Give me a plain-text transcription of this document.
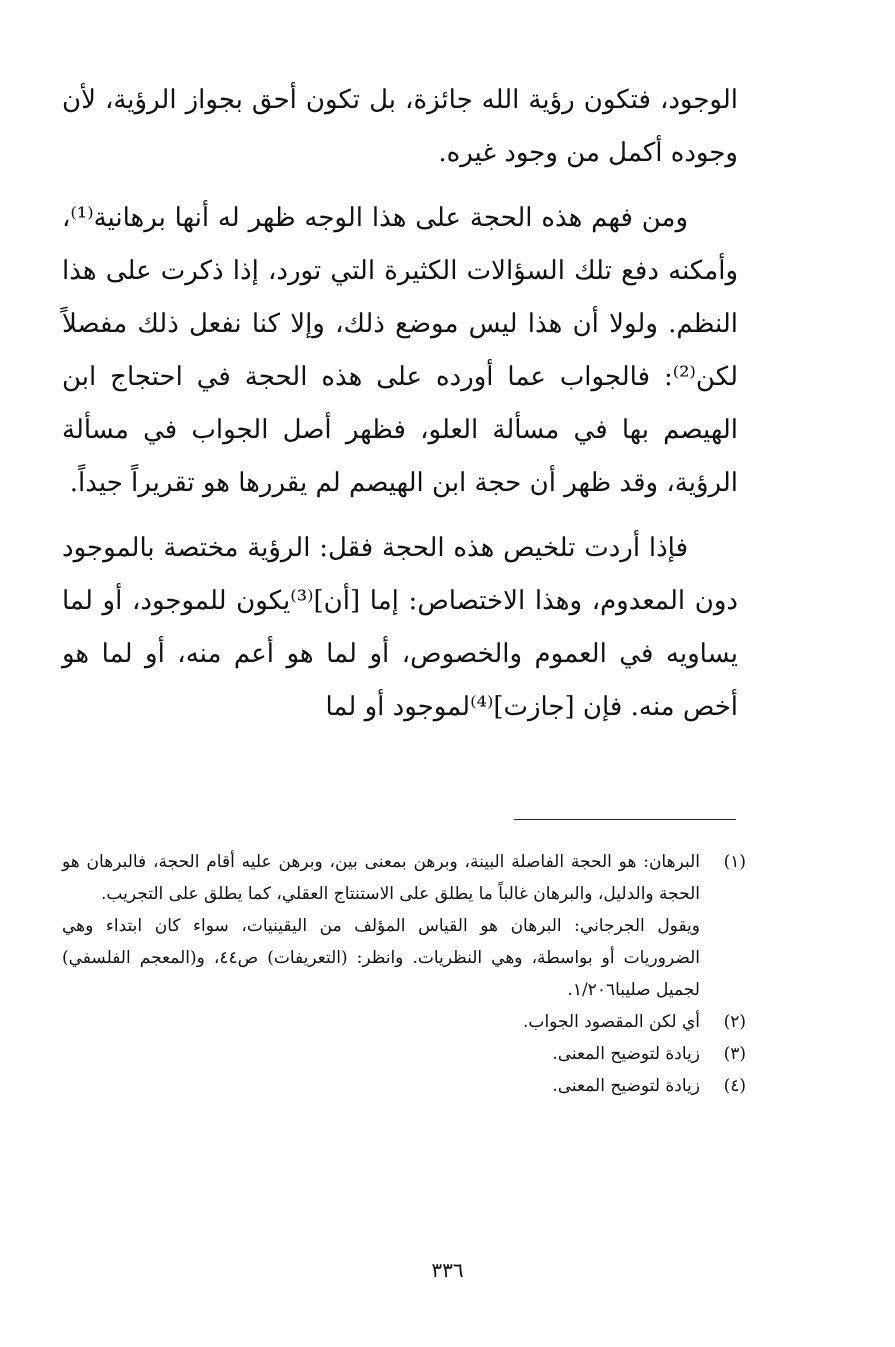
الوجود، فتكون رؤية الله جائزة، بل تكون أحق بجواز الرؤية، لأن وجوده أكمل من وجود غيره.

ومن فهم هذه الحجة على هذا الوجه ظهر له أنها برهانية⁽¹⁾، وأمكنه دفع تلك السؤالات الكثيرة التي تورد، إذا ذكرت على هذا النظم. ولولا أن هذا ليس موضع ذلك، وإلا كنا نفعل ذلك مفصلاً لكن⁽²⁾: فالجواب عما أورده على هذه الحجة في احتجاج ابن الهيصم بها في مسألة العلو، فظهر أصل الجواب في مسألة الرؤية، وقد ظهر أن حجة ابن الهيصم لم يقررها هو تقريراً جيداً.

فإذا أردت تلخيص هذه الحجة فقل: الرؤية مختصة بالموجود دون المعدوم، وهذا الاختصاص: إما [أن]⁽³⁾يكون للموجود، أو لما يساويه في العموم والخصوص، أو لما هو أعم منه، أو لما هو أخص منه. فإن [جازت]⁽⁴⁾لموجود أو لما

(١)

البرهان: هو الحجة الفاصلة البينة، وبرهن بمعنى بين، وبرهن عليه أقام الحجة، فالبرهان هو الحجة والدليل، والبرهان غالباً ما يطلق على الاستنتاج العقلي، كما يطلق على التجريب.

ويقول الجرجاني: البرهان هو القياس المؤلف من اليقينيات، سواء كان ابتداء وهي الضروريات أو بواسطة، وهي النظريات. وانظر: (التعريفات) ص٤٤، و(المعجم الفلسفي) لجميل صليبا١/٢٠٦.

(٢)

أي لكن المقصود الجواب.

(٣)

زيادة لتوضيح المعنى.

(٤)

زيادة لتوضيح المعنى.

٣٣٦
